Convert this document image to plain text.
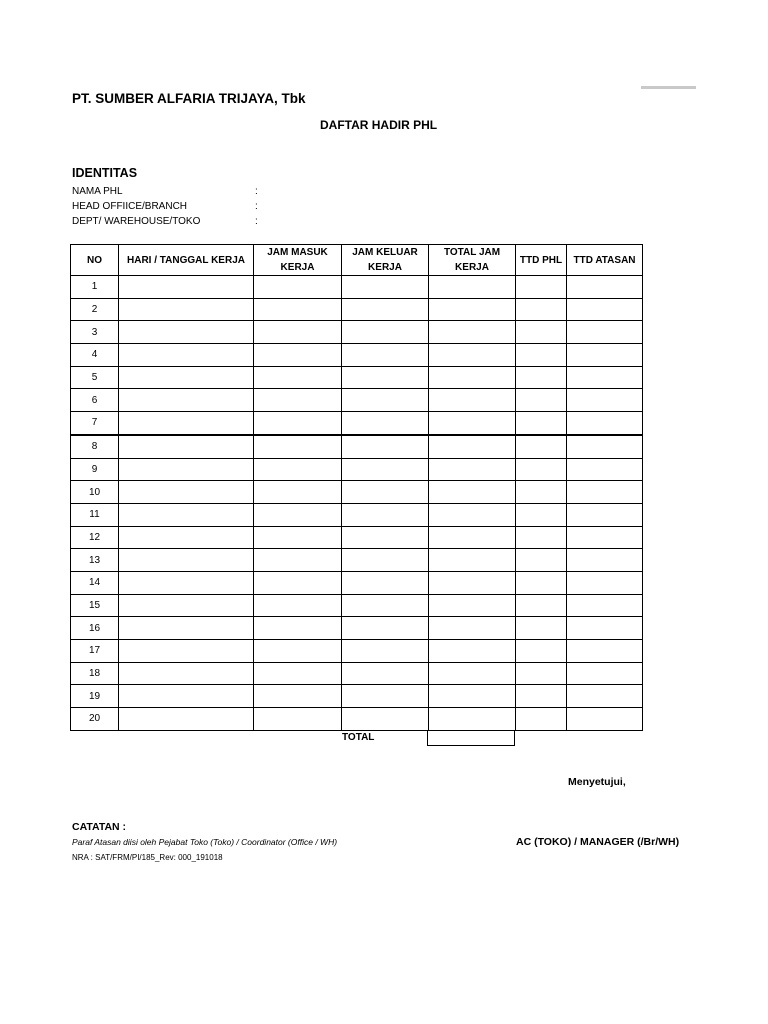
PT. SUMBER ALFARIA TRIJAYA, Tbk
DAFTAR HADIR PHL
IDENTITAS
NAMA PHL	:
HEAD OFFIICE/BRANCH	:
DEPT/ WAREHOUSE/TOKO	:
NO	HARI / TANGGAL KERJA	JAM MASUK KERJA	JAM KELUAR KERJA	TOTAL JAM KERJA	TTD PHL	TTD ATASAN
1						
2						
3						
4						
5						
6						
7						
8						
9						
10						
11						
12						
13						
14						
15						
16						
17						
18						
19						
20						
TOTAL
Menyetujui,
CATATAN :
Paraf Atasan diisi oleh Pejabat Toko (Toko) / Coordinator (Office / WH)
NRA : SAT/FRM/PI/185_Rev: 000_191018
AC (TOKO) / MANAGER (/Br/WH)
